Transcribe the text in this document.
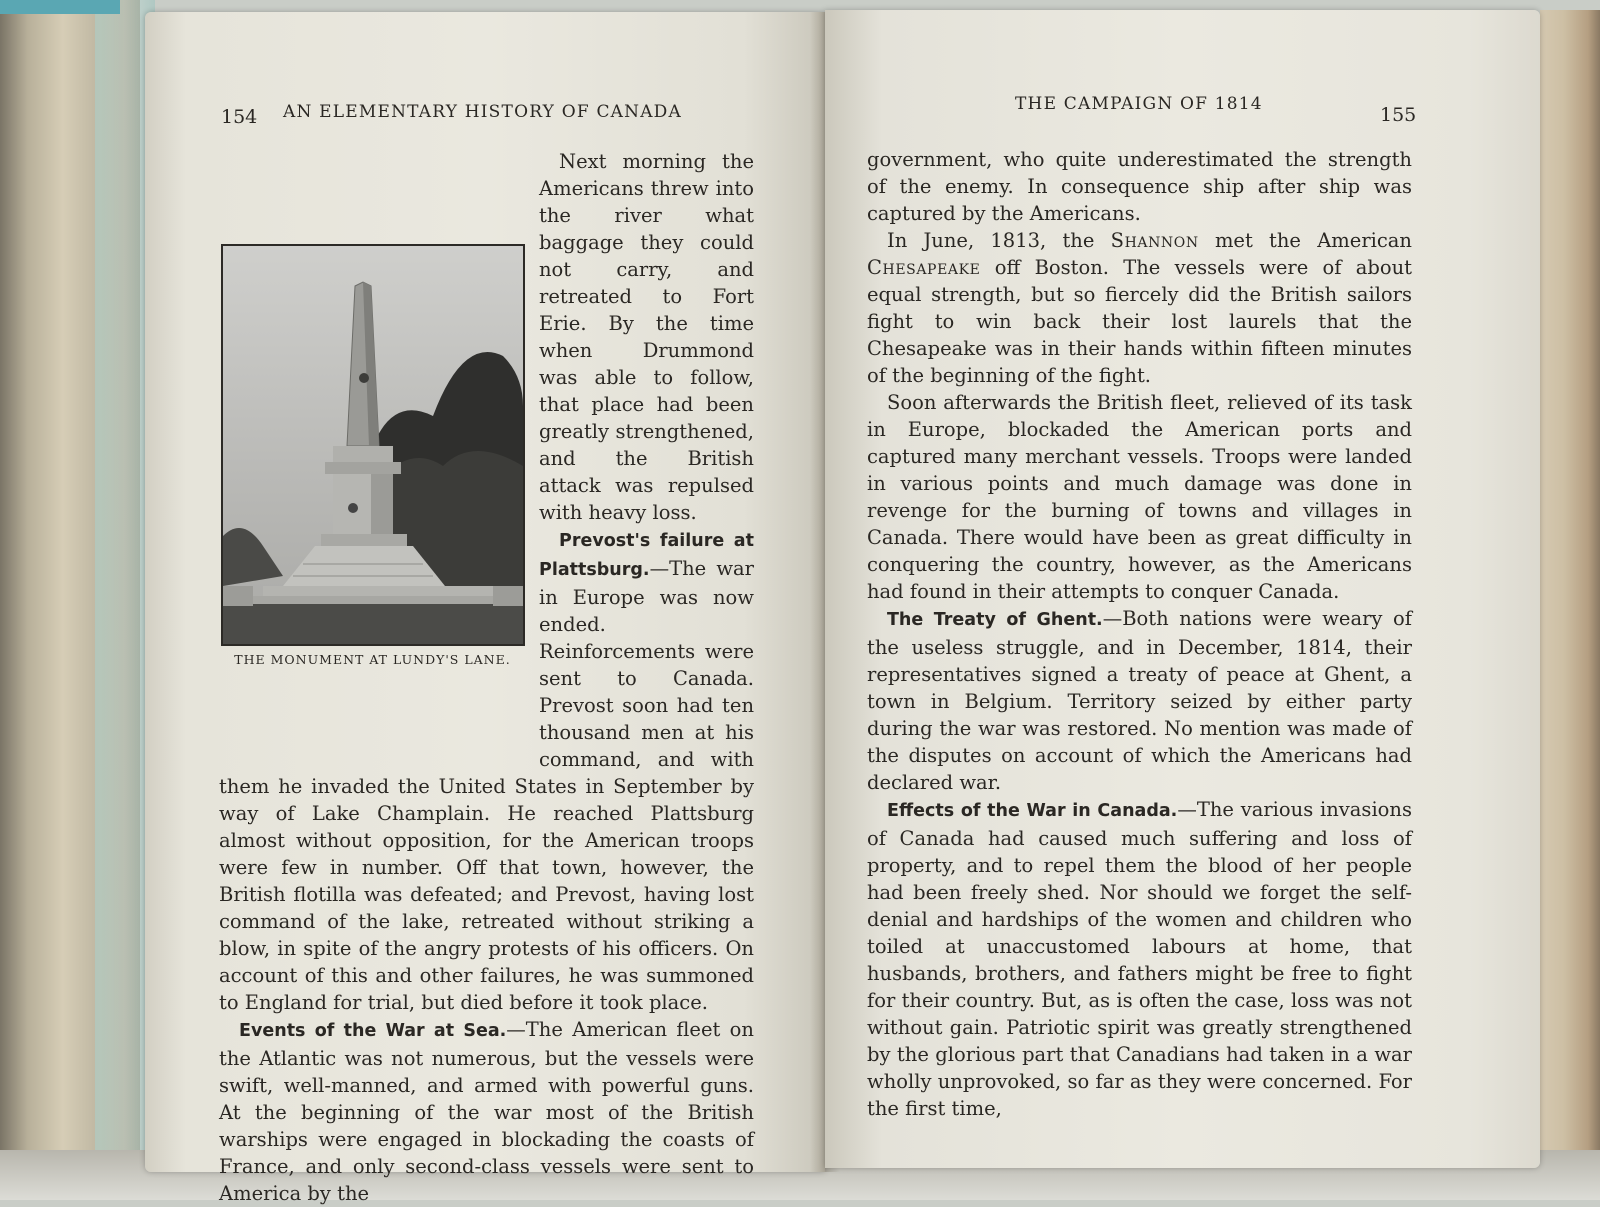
154 AN ELEMENTARY HISTORY OF CANADA

Next morning the Americans threw into the river what baggage they could not carry, and retreated to Fort Erie. By the time when Drummond was able to follow, that place had been greatly strengthened, and the British attack was repulsed with heavy loss.

Prevost's failure at Plattsburg.—The war in Europe was now ended. Reinforcements were sent to Canada. Prevost soon had ten thousand men at his command, and with them he invaded the United States in September by way of Lake Champlain. He reached Plattsburg almost without opposition, for the American troops were few in number. Off that town, however, the British flotilla was defeated; and Prevost, having lost command of the lake, retreated without striking a blow, in spite of the angry protests of his officers. On account of this and other failures, he was summoned to England for trial, but died before it took place.

Events of the War at Sea.—The American fleet on the Atlantic was not numerous, but the vessels were swift, well-manned, and armed with powerful guns. At the beginning of the war most of the British warships were engaged in blockading the coasts of France, and only second-class vessels were sent to America by the

THE MONUMENT AT LUNDY'S LANE.
THE CAMPAIGN OF 1814	155

government, who quite underestimated the strength of the enemy. In consequence ship after ship was captured by the Americans.

In June, 1813, the Shannon met the American Chesapeake off Boston. The vessels were of about equal strength, but so fiercely did the British sailors fight to win back their lost laurels that the Chesapeake was in their hands within fifteen minutes of the beginning of the fight.

Soon afterwards the British fleet, relieved of its task in Europe, blockaded the American ports and captured many merchant vessels. Troops were landed in various points and much damage was done in revenge for the burning of towns and villages in Canada. There would have been as great difficulty in conquering the country, however, as the Americans had found in their attempts to conquer Canada.

The Treaty of Ghent.—Both nations were weary of the useless struggle, and in December, 1814, their representatives signed a treaty of peace at Ghent, a town in Belgium. Territory seized by either party during the war was restored. No mention was made of the disputes on account of which the Americans had declared war.

Effects of the War in Canada.—The various invasions of Canada had caused much suffering and loss of property, and to repel them the blood of her people had been freely shed. Nor should we forget the self-denial and hardships of the women and children who toiled at unaccustomed labours at home, that husbands, brothers, and fathers might be free to fight for their country. But, as is often the case, loss was not without gain. Patriotic spirit was greatly strengthened by the glorious part that Canadians had taken in a war wholly unprovoked, so far as they were concerned. For the first time,
